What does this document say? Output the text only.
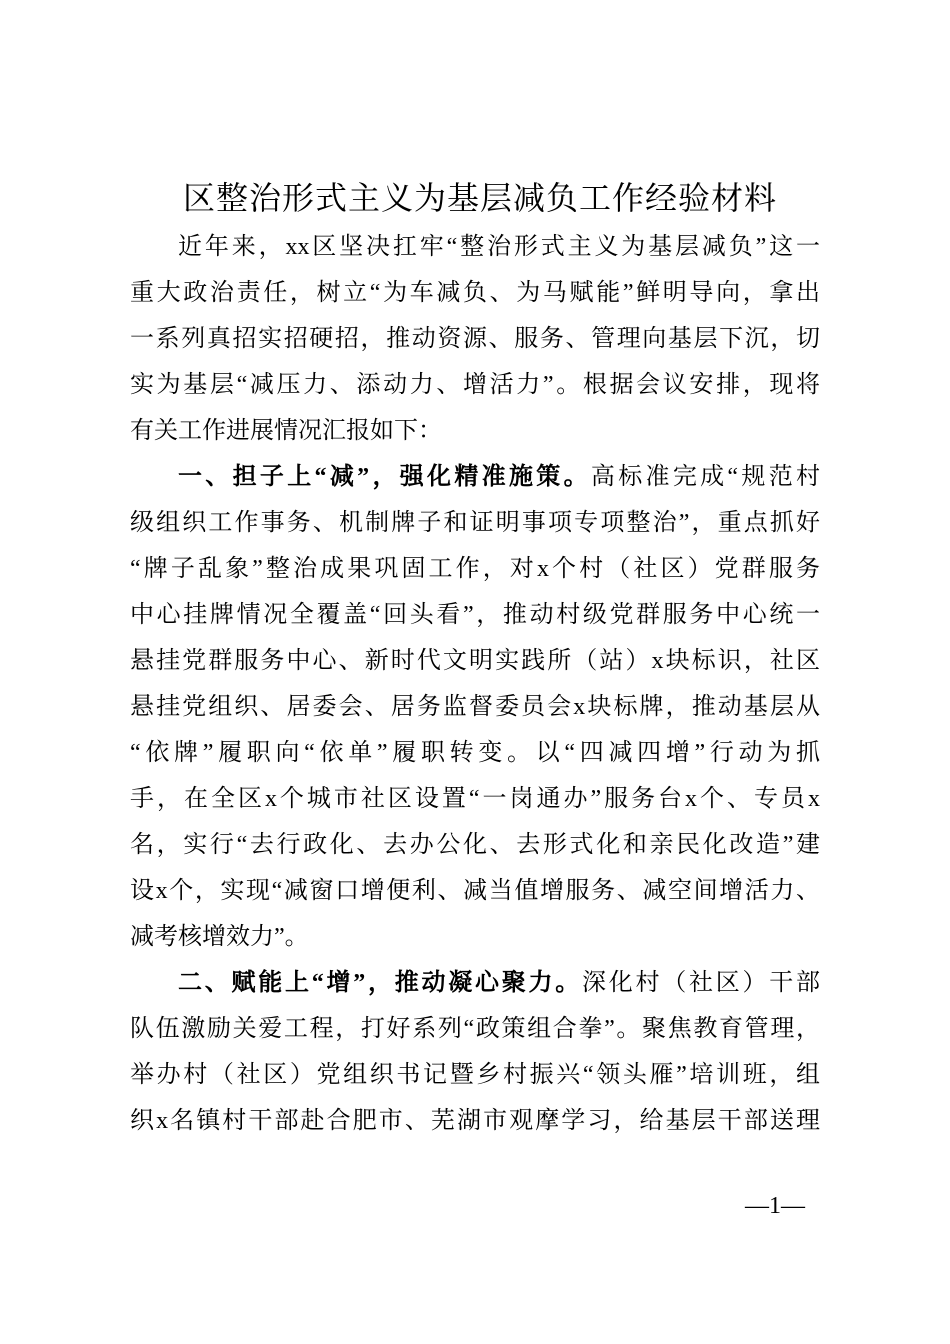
区整治形式主义为基层减负工作经验材料
近年来，xx区坚决扛牢“整治形式主义为基层减负”这一
重大政治责任，树立“为车减负、为马赋能”鲜明导向，拿出
一系列真招实招硬招，推动资源、服务、管理向基层下沉，切
实为基层“减压力、添动力、增活力”。根据会议安排，现将
有关工作进展情况汇报如下：
一、担子上“减”，强化精准施策。高标准完成“规范村
级组织工作事务、机制牌子和证明事项专项整治”，重点抓好
“牌子乱象”整治成果巩固工作，对x个村（社区）党群服务
中心挂牌情况全覆盖“回头看”，推动村级党群服务中心统一
悬挂党群服务中心、新时代文明实践所（站）x块标识，社区
悬挂党组织、居委会、居务监督委员会x块标牌，推动基层从
“依牌”履职向“依单”履职转变。以“四减四增”行动为抓
手，在全区x个城市社区设置“一岗通办”服务台x个、专员x
名，实行“去行政化、去办公化、去形式化和亲民化改造”建
设x个，实现“减窗口增便利、减当值增服务、减空间增活力、
减考核增效力”。
二、赋能上“增”，推动凝心聚力。深化村（社区）干部
队伍激励关爱工程，打好系列“政策组合拳”。聚焦教育管理，
举办村（社区）党组织书记暨乡村振兴“领头雁”培训班，组
织x名镇村干部赴合肥市、芜湖市观摩学习，给基层干部送理
—1—
